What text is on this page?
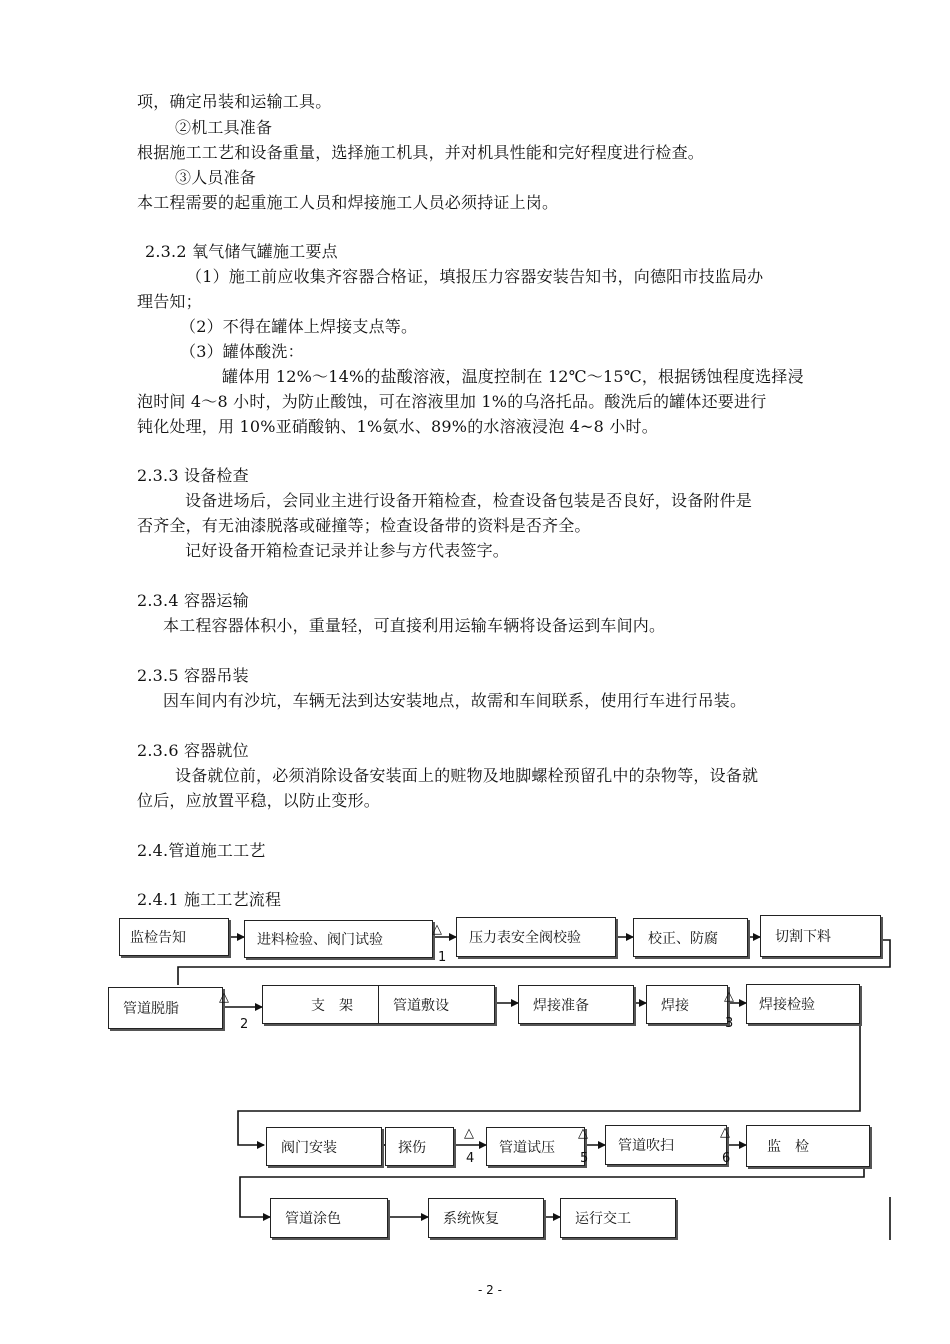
项，确定吊装和运输工具。
②机工具准备
根据施工工艺和设备重量，选择施工机具，并对机具性能和完好程度进行检查。
③人员准备
本工程需要的起重施工人员和焊接施工人员必须持证上岗。
2.3.2 氧气储气罐施工要点
（1）施工前应收集齐容器合格证，填报压力容器安装告知书，向德阳市技监局办
理告知；
（2）不得在罐体上焊接支点等。
（3）罐体酸洗：
罐体用 12%～14%的盐酸溶液，温度控制在 12℃～15℃，根据锈蚀程度选择浸
泡时间 4～8 小时，为防止酸蚀，可在溶液里加 1%的乌洛托品。酸洗后的罐体还要进行
钝化处理，用 10%亚硝酸钠、1%氨水、89%的水溶液浸泡 4~8 小时。
2.3.3 设备检查
设备进场后，会同业主进行设备开箱检查，检查设备包装是否良好，设备附件是
否齐全，有无油漆脱落或碰撞等；检查设备带的资料是否齐全。
记好设备开箱检查记录并让参与方代表签字。
2.3.4 容器运输
本工程容器体积小，重量轻，可直接利用运输车辆将设备运到车间内。
2.3.5 容器吊装
因车间内有沙坑，车辆无法到达安装地点，故需和车间联系，使用行车进行吊装。
2.3.6 容器就位
设备就位前，必须消除设备安装面上的赃物及地脚螺栓预留孔中的杂物等，设备就
位后，应放置平稳，以防止变形。
2.4.管道施工工艺
2.4.1 施工工艺流程
监检告知	进料检验、阀门试验	压力表安全阀校验	校正、防腐	切割下料
管道脱脂	支　架	管道敷设	焊接准备	焊接	焊接检验
阀门安装	探伤	管道试压	管道吹扫	监　检
管道涂色	系统恢复	运行交工
△
1
△
2
△
3
△
4
△
5
△
6
- 2 -
